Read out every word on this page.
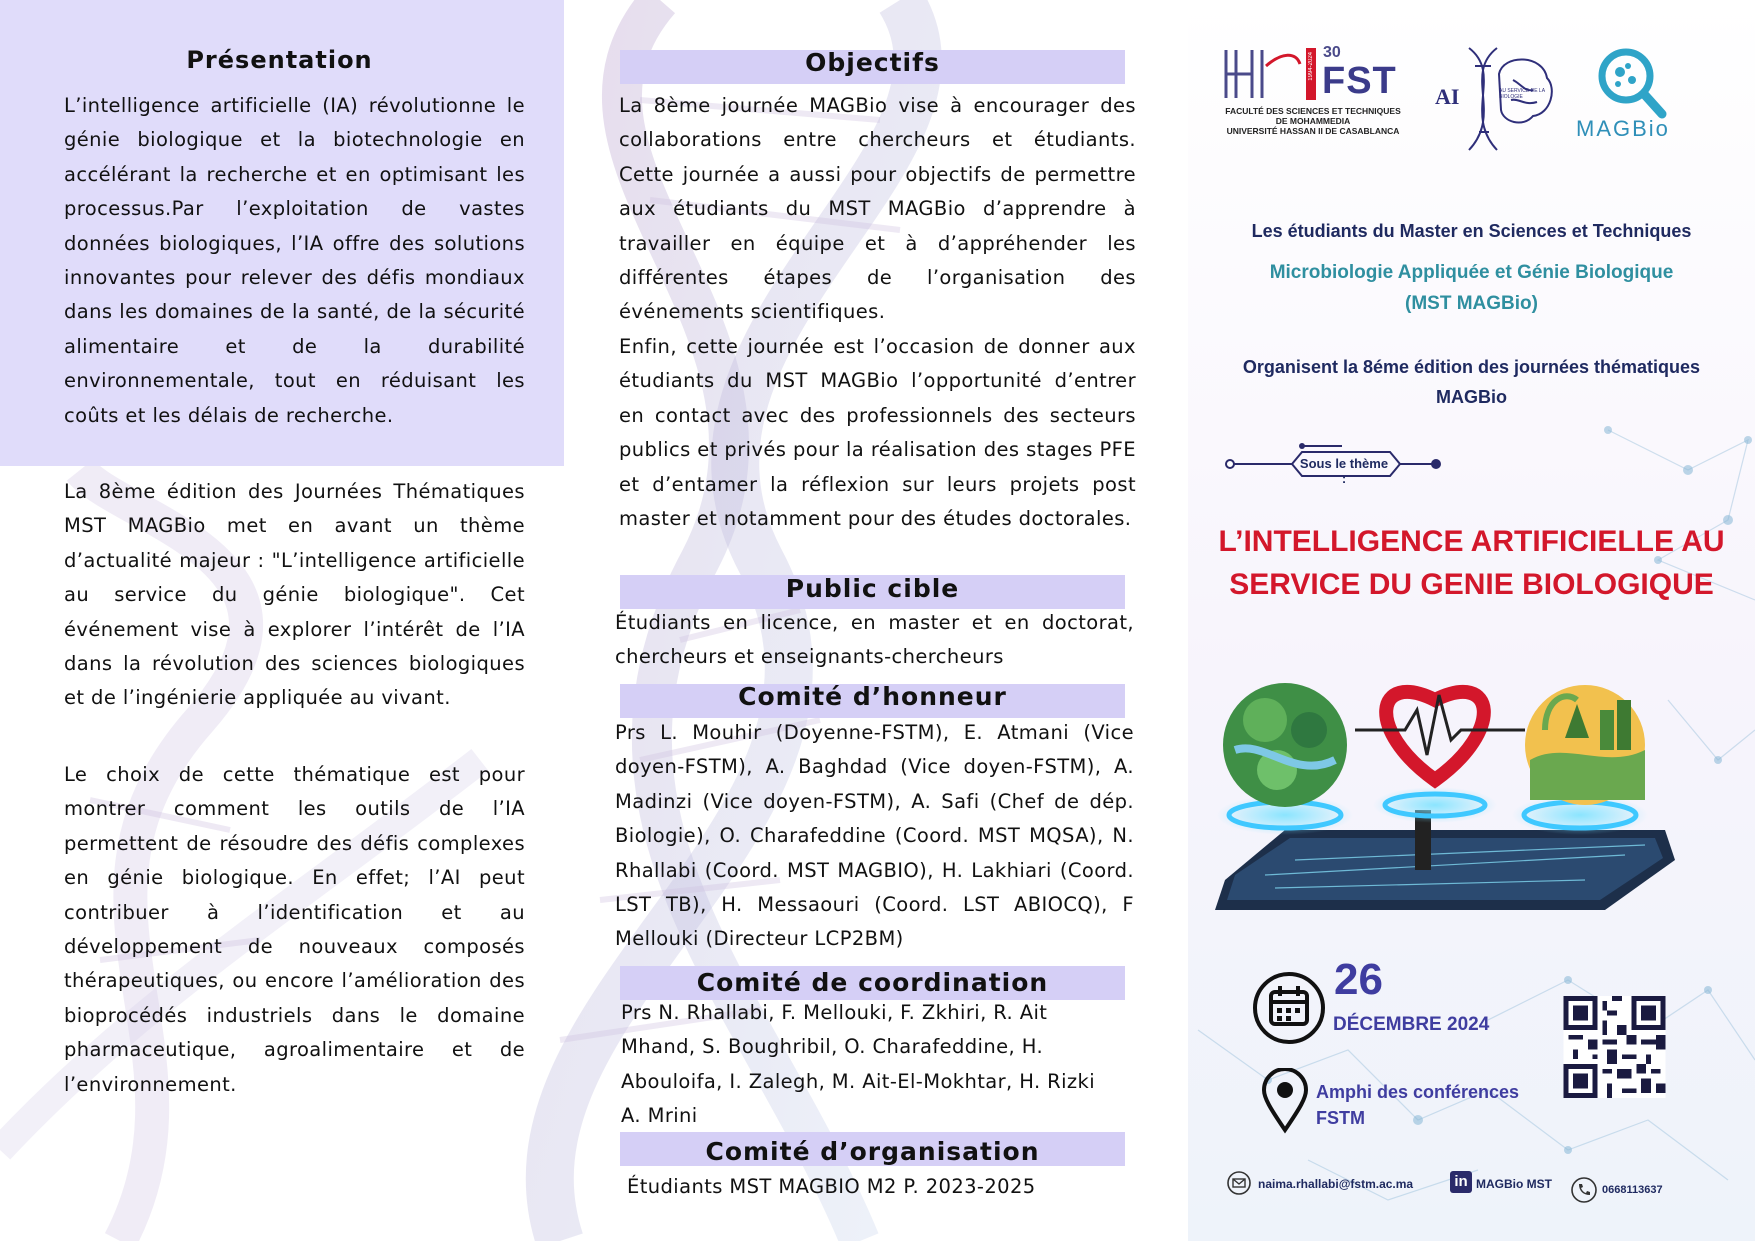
Présentation

L’intelligence artificielle (IA) révolutionne le génie biologique et la biotechnologie en accélérant la recherche et en optimisant les processus.Par l’exploitation de vastes données biologiques, l’IA offre des solutions innovantes pour relever des défis mondiaux dans les domaines de la santé, de la sécurité alimentaire et de la durabilité environnementale, tout en réduisant les coûts et les délais de recherche.

La 8ème édition des Journées Thématiques MST MAGBio met en avant un thème d’actualité majeur : "L’intelligence artificielle au service du génie biologique". Cet événement vise à explorer l’intérêt de l’IA dans la révolution des sciences biologiques et de l’ingénierie appliquée au vivant.

Le choix de cette thématique est pour montrer comment les outils de l’IA permettent de résoudre des défis complexes en génie biologique. En effet; l’AI peut contribuer à l’identification et au développement de nouveaux composés thérapeutiques, ou encore l’amélioration des bioprocédés industriels dans le domaine pharmaceutique, agroalimentaire et de l’environnement.

Objectifs

La 8ème journée MAGBio vise à encourager des collaborations entre chercheurs et étudiants. Cette journée a aussi pour objectifs de permettre aux étudiants du MST MAGBio d’apprendre à travailler en équipe et à d’appréhender les différentes étapes de l’organisation des événements scientifiques.

Enfin, cette journée est l’occasion de donner aux étudiants du MST MAGBio l’opportunité d’entrer en contact avec des professionnels des secteurs publics et privés pour la réalisation des stages PFE et d’entamer la réflexion sur leurs projets post master et notamment pour des études doctorales.

Public cible

Étudiants en licence, en master et en doctorat, chercheurs et enseignants-chercheurs

Comité d’honneur

Prs L. Mouhir (Doyenne-FSTM), E. Atmani (Vice doyen-FSTM), A. Baghdad (Vice doyen-FSTM), A. Madinzi (Vice doyen-FSTM), A. Safi (Chef de dép. Biologie), O. Charafeddine (Coord. MST MQSA), N. Rhallabi (Coord. MST MAGBIO), H. Lakhiari (Coord. LST TB), H. Messaouri (Coord. LST ABIOCQ), F Mellouki (Directeur LCP2BM)

Comité de coordination
Prs N. Rhallabi, F. Mellouki, F. Zkhiri, R. Ait
Mhand, S. Boughribil, O. Charafeddine, H.
Abouloifa, I. Zalegh, M. Ait-El-Mokhtar, H. Rizki
A. Mrini
Comité d’organisation

Étudiants MST MAGBIO M2 P. 2023-2025

30
FST
1994-2024
FACULTÉ DES SCIENCES ET TECHNIQUES
DE MOHAMMEDIA
UNIVERSITÉ HASSAN II DE CASABLANCA
AI	AU SERVICE DE LA BIOLOGIE
MAGBio
Les étudiants du Master en Sciences et Techniques
Microbiologie Appliquée et Génie Biologique
(MST MAGBio)
Organisent la 8éme édition des journées thématiques
MAGBio
Sous le thème :
L’INTELLIGENCE ARTIFICIELLE AU
SERVICE DU GENIE BIOLOGIQUE
26
DÉCEMBRE 2024
Amphi des conférences
FSTM
naima.rhallabi@fstm.ac.ma	in MAGBio MST	0668113637
